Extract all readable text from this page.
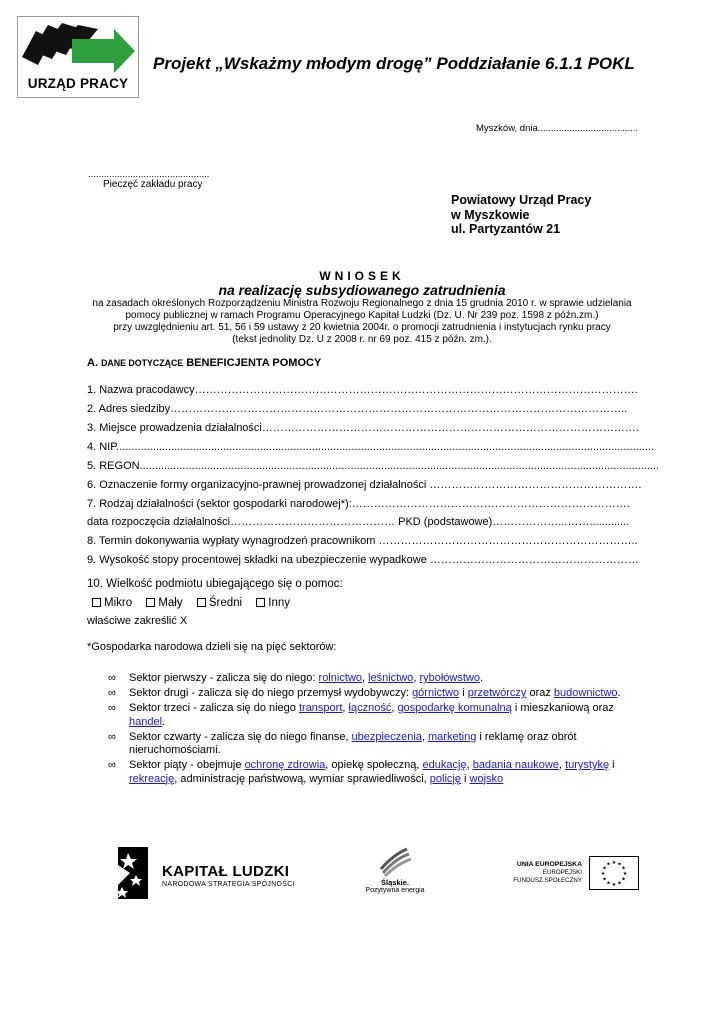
URZĄD PRACY
Projekt „Wskażmy młodym drogę” Poddziałanie 6.1.1 POKL
Myszków, dnia......................................
..............................................
Pieczęć zakładu pracy
Powiatowy Urząd Pracy
w Myszkowie
ul. Partyzantów 21
WNIOSEK
na realizację subsydiowanego zatrudnienia
na zasadach określonych Rozporządzeniu Ministra Rozwoju Regionalnego z dnia 15 grudnia 2010 r. w sprawie udzielania
pomocy publicznej w ramach Programu Operacyjnego Kapitał Ludzki (Dz. U. Nr 239 poz. 1598 z późn.zm.)
przy uwzględnieniu art. 51, 56 i 59 ustawy z 20 kwietnia 2004r. o promocji zatrudnienia i instytucjach rynku pracy
(tekst jednolity Dz. U z 2008 r. nr 69 poz. 415 z późn. zm.).
A. DANE DOTYCZĄCE BENEFICJENTA POMOCY
1. Nazwa pracodawcy………………………………………………………………………………………………………….
2. Adres siedziby……………………………………………………………………………………………………………..
3. Miejsce prowadzenia działalności………………………………………………………………………………………….
4. NIP................................................................................................................................................................................
5. REGON..........................................................................................................................................................................
6. Oznaczenie formy organizacyjno-prawnej prowadzonej działalności ………………………………………………….
7. Rodzaj działalności (sektor gospodarki narodowej*):………………………………………………………………….
data rozpoczęcia działalności……………………………………… PKD (podstawowe)………………...…….............
8. Termin dokonywania wypłaty wynagrodzeń pracownikom ……………………………………………………………..
9. Wysokość stopy procentowej składki na ubezpieczenie wypadkowe …………………………………………………
10. Wielkość podmiotu ubiegającego się o pomoc:
Mikro Mały Średni Inny
właściwe zakreślić X
*Gospodarka narodowa dzieli się na pięć sektorów:
∞ Sektor pierwszy - zalicza się do niego: rolnictwo, leśnictwo, rybołówstwo.
∞ Sektor drugi - zalicza się do niego przemysł wydobywczy: górnictwo i przetwórczy oraz budownictwo.
∞ Sektor trzeci - zalicza się do niego transport, łączność, gospodarkę komunalną i mieszkaniową oraz handel.
∞ Sektor czwarty - zalicza się do niego finanse, ubezpieczenia, marketing i reklamę oraz obrót nieruchomościami.
∞ Sektor piąty - obejmuje ochronę zdrowia, opiekę społeczną, edukację, badania naukowe, turystykę i rekreację, administrację państwową, wymiar sprawiedliwości, policję i wojsko
KAPITAŁ LUDZKI
NARODOWA STRATEGIA SPÓJNOŚCI	Śląskie.
Pozytywna energia
UNIA EUROPEJSKA
EUROPEJSKI
FUNDUSZ SPOŁECZNY
★ ★
★
★
★
★
★
★
★
★
★
★
